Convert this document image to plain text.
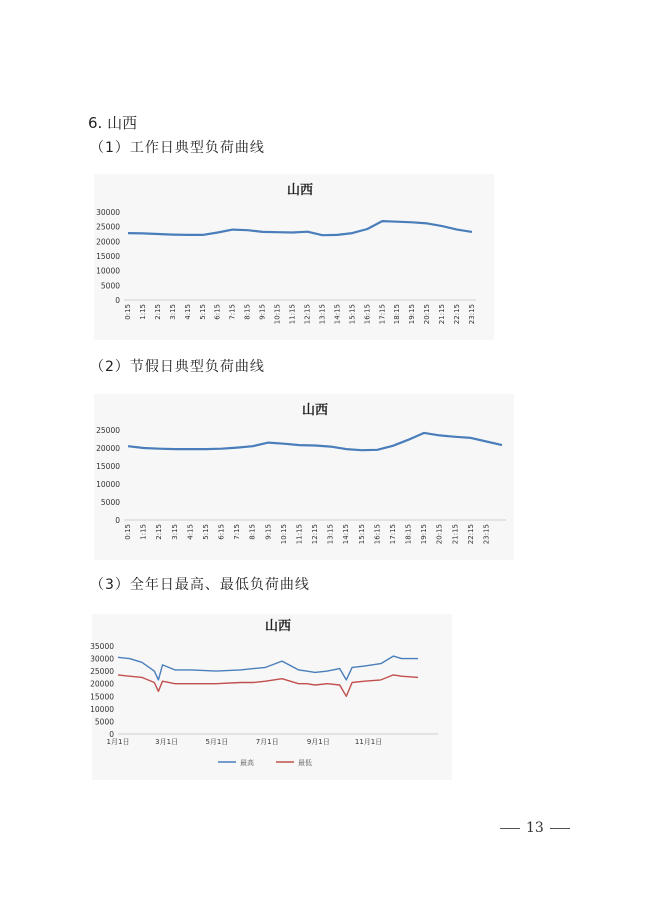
6. 山西
（1）工作日典型负荷曲线
（2）节假日典型负荷曲线
（3）全年日最高、最低负荷曲线
山西
0
5000
10000
15000
20000
25000
30000
0:15 1:15 2:15 3:15 4:15 5:15 6:15 7:15 8:15 9:15 10:15 11:15 12:15 13:15 14:15 15:15 16:15 17:15 18:15 19:15 20:15 21:15 22:15 23:15
山西
0
5000
10000
15000
20000
25000
0:15 1:15 2:15 3:15 4:15 5:15 6:15 7:15 8:15 9:15 10:15 11:15 12:15 13:15 14:15 15:15 16:15 17:15 18:15 19:15 20:15 21:15 22:15 23:15
山西
0
5000
10000
15000
20000
25000
30000
35000
1月1日	3月1日	5月1日	7月1日	9月1日	11月1日
最高	最低
13
